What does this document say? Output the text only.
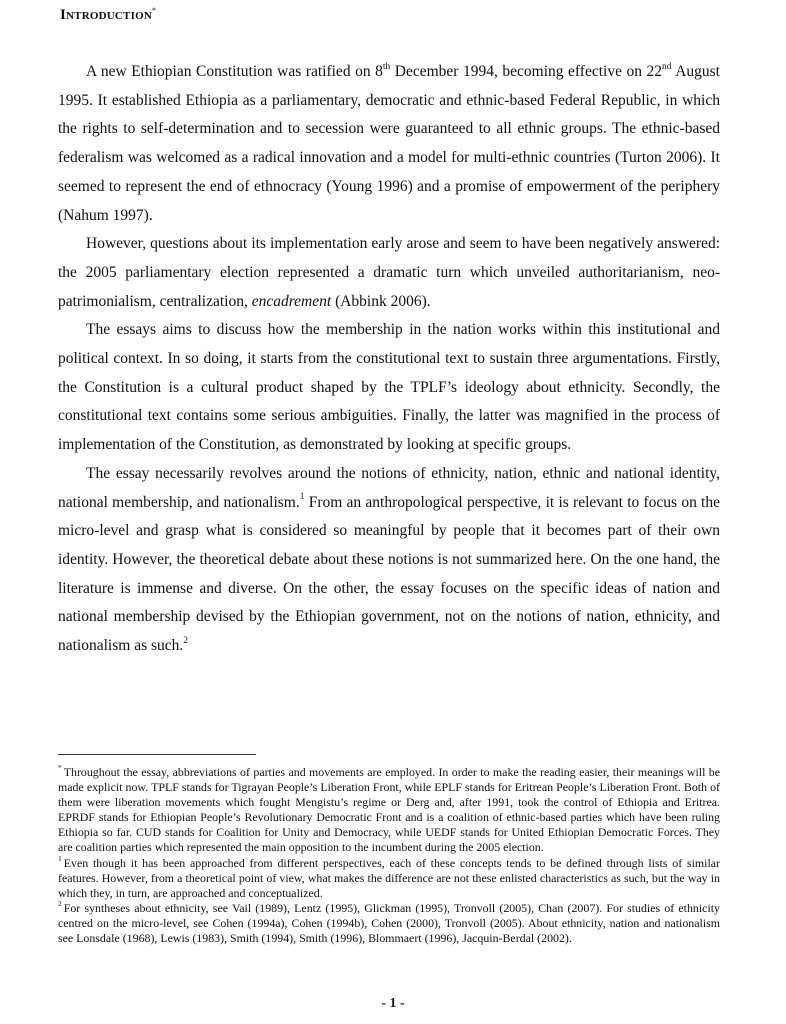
Introduction*

A new Ethiopian Constitution was ratified on 8th December 1994, becoming effective on 22nd August 1995. It established Ethiopia as a parliamentary, democratic and ethnic-based Federal Republic, in which the rights to self-determination and to secession were guaranteed to all ethnic groups. The ethnic-based federalism was welcomed as a radical innovation and a model for multi-ethnic countries (Turton 2006). It seemed to represent the end of ethnocracy (Young 1996) and a promise of empowerment of the periphery (Nahum 1997).

However, questions about its implementation early arose and seem to have been negatively answered: the 2005 parliamentary election represented a dramatic turn which unveiled authoritarianism, neo-patrimonialism, centralization, encadrement (Abbink 2006).

The essays aims to discuss how the membership in the nation works within this institutional and political context. In so doing, it starts from the constitutional text to sustain three argumentations. Firstly, the Constitution is a cultural product shaped by the TPLF’s ideology about ethnicity. Secondly, the constitutional text contains some serious ambiguities. Finally, the latter was magnified in the process of implementation of the Constitution, as demonstrated by looking at specific groups.

The essay necessarily revolves around the notions of ethnicity, nation, ethnic and national identity, national membership, and nationalism.$^1$ From an anthropological perspective, it is relevant to focus on the micro-level and grasp what is considered so meaningful by people that it becomes part of their own identity. However, the theoretical debate about these notions is not summarized here. On the one hand, the literature is immense and diverse. On the other, the essay focuses on the specific ideas of nation and national membership devised by the Ethiopian government, not on the notions of nation, ethnicity, and nationalism as such.$^2$

* Throughout the essay, abbreviations of parties and movements are employed. In order to make the reading easier, their meanings will be made explicit now. TPLF stands for Tigrayan People’s Liberation Front, while EPLF stands for Eritrean People’s Liberation Front. Both of them were liberation movements which fought Mengistu’s regime or Derg and, after 1991, took the control of Ethiopia and Eritrea. EPRDF stands for Ethiopian People’s Revolutionary Democratic Front and is a coalition of ethnic-based parties which have been ruling Ethiopia so far. CUD stands for Coalition for Unity and Democracy, while UEDF stands for United Ethiopian Democratic Forces. They are coalition parties which represented the main opposition to the incumbent during the 2005 election.

$^1$ Even though it has been approached from different perspectives, each of these concepts tends to be defined through lists of similar features. However, from a theoretical point of view, what makes the difference are not these enlisted characteristics as such, but the way in which they, in turn, are approached and conceptualized.

$^2$ For syntheses about ethnicity, see Vail (1989), Lentz (1995), Glickman (1995), Tronvoll (2005), Chan (2007). For studies of ethnicity centred on the micro-level, see Cohen (1994a), Cohen (1994b), Cohen (2000), Tronvoll (2005). About ethnicity, nation and nationalism see Lonsdale (1968), Lewis (1983), Smith (1994), Smith (1996), Blommaert (1996), Jacquin-Berdal (2002).

- 1 -
